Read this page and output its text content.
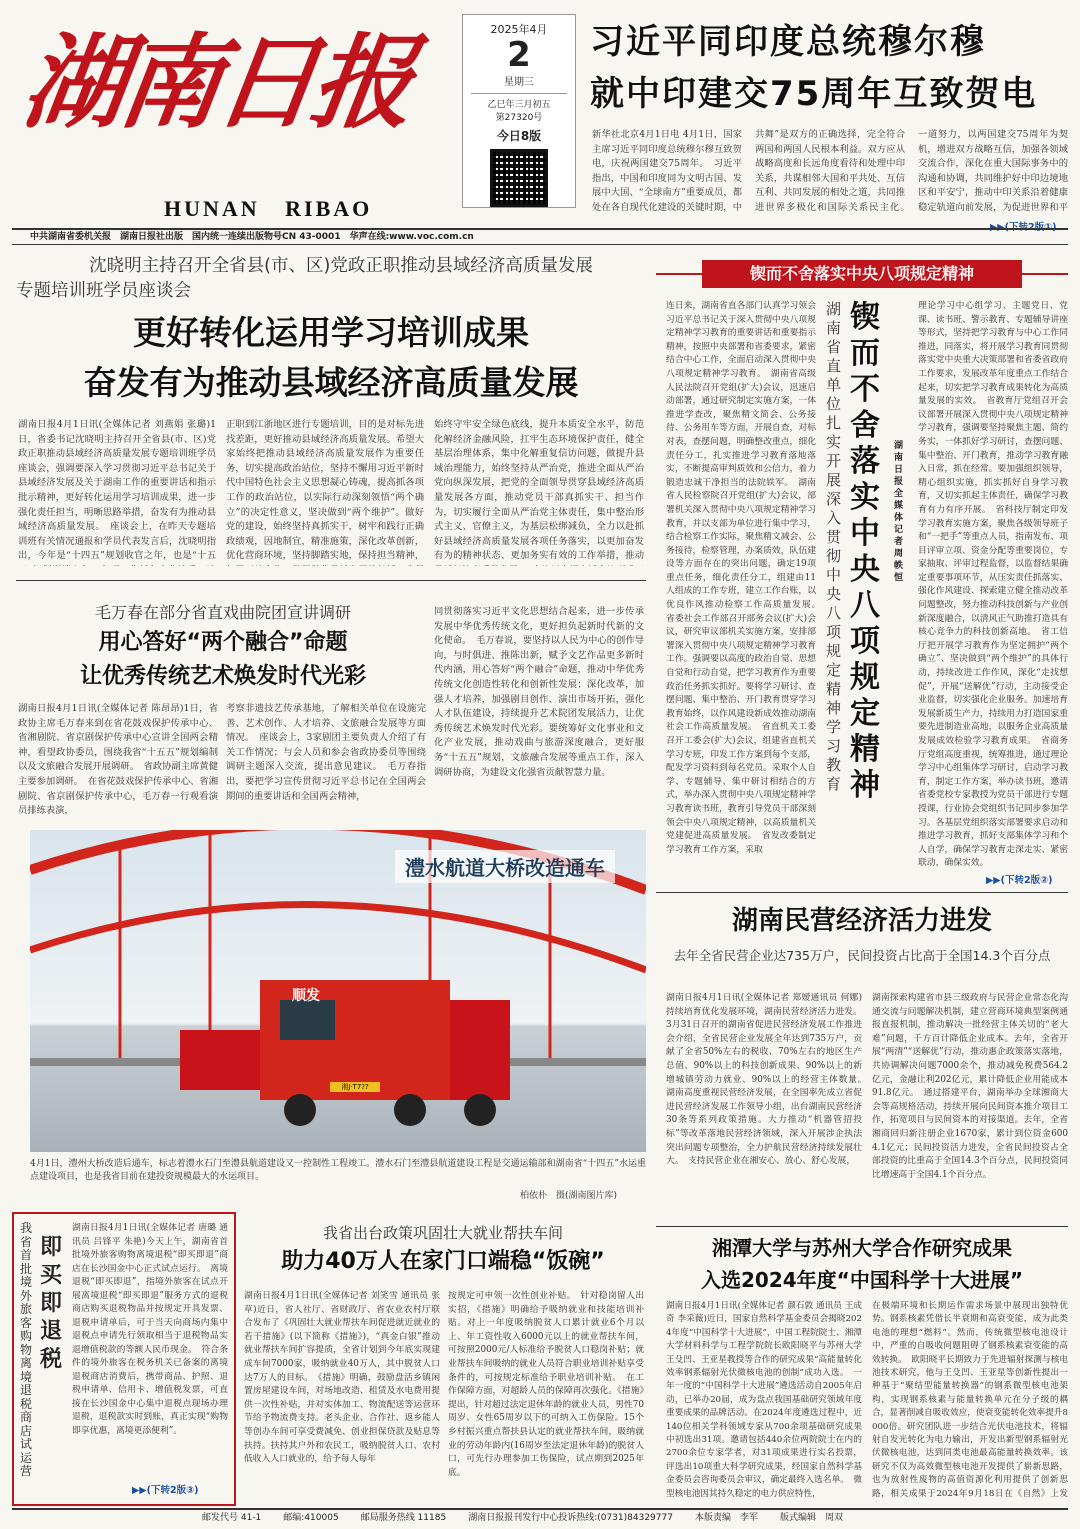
湖南日报
HUNAN   RIBAO
2025年4月
2
星期三
乙巳年三月初五
第27320号
今日8版
习近平同印度总统穆尔穆
就中印建交75周年互致贺电
新华社北京4月1日电 4月1日，国家主席习近平同印度总统穆尔穆互致贺电，庆祝两国建交75周年。　习近平指出，中国和印度同为文明古国、发展中大国、“全球南方”重要成员，都处在各自现代化建设的关键时期，中
共舞”是双方的正确选择，完全符合两国和两国人民根本利益。双方应从战略高度和长远角度看待和处理中印关系，共谋相邻大国和平共处、互信互利、共同发展的相处之道，共同推进世界多极化和国际关系民主化。　
一道努力，以两国建交75周年为契机，增进双方战略互信，加强各领域交流合作，深化在重大国际事务中的沟通和协调，共同维护好中印边境地区和平安宁，推动中印关系沿着健康稳定轨道向前发展，为促进世界和平
▶▶(下转2版①)
中共湖南省委机关报　湖南日报社出版　国内统一连续出版物号CN 43-0001　华声在线:www.voc.com.cn
沈晓明主持召开全省县(市、区)党政正职推动县域经济高质量发展
专题培训班学员座谈会
更好转化运用学习培训成果
奋发有为推动县域经济高质量发展
湖南日报4月1日讯(全媒体记者 刘燕娟 张璐)1日，省委书记沈晓明主持召开全省县(市、区)党政正职推动县域经济高质量发展专题培训班学员座谈会，强调要深入学习贯彻习近平总书记关于县域经济发展及关于湖南工作的重要讲话和指示批示精神，更好转化运用学习培训成果，进一步强化责任担当，明晰思路举措，奋发有为推动县域经济高质量发展。　座谈会上，在昨天专题培训班有关情况通报和学员代表发言后，沈晓明指出，今年是“十四五”规划收官之年，也是“十五
正职到江浙地区进行专题培训，目的是对标先进找差距，更好推动县域经济高质量发展。希望大家始终把推动县域经济高质量发展作为重要任务，切实提高政治站位，坚持不懈用习近平新时代中国特色社会主义思想凝心铸魂，提高抓各项工作的政治站位，以实际行动深刻领悟“两个确立”的决定性意义，坚决做到“两个维护”。做好党的建设，始终坚持真抓实干，树牢和践行正确政绩观，因地制宜，精准施策，深化改革创新，优化营商环境，坚持脚踏实地，保持担当精神，
始终守牢安全绿色底线，提升本质安全水平，防范化解经济金融风险，扛牢生态环境保护责任，健全基层治理体系，集中化解重复信访问题，做提升县域治理能力，始终坚持从严治党，推进全面从严治党向纵深发展，把党的全面领导贯穿县域经济高质量发展各方面，推动党员干部真抓实干、担当作为，切实履行全面从严治党主体责任，集中整治形式主义、官僚主义，为基层松绑减负，全力以赴抓好县域经济高质量发展各项任务落实，以更加奋发有为的精神状态、更加务实有效的工作举措，推动　
毛万春在部分省直戏曲院团宣讲调研
用心答好“两个融合”命题
让优秀传统艺术焕发时代光彩
湖南日报4月1日讯(全媒体记者 陈昂昂)1日，省政协主席毛万春来到在省花鼓戏保护传承中心、省湘剧院、省京剧保护传承中心宣讲全国两会精神，看望政协委员，围绕我省“十五五”规划编制以及文旅融合发展开展调研。　省政协副主席黄健主要参加调研。　在省花鼓戏保护传承中心、省湘剧院、省京剧保护传承中心，毛万春一行观看演员排练表演，
考察非遗技艺传承基地，了解相关单位在设施完善、艺术创作、人才培养、文旅融合发展等方面情况。　座谈会上，3家剧团主要负责人介绍了有关工作情况；与会人员和参会省政协委员等围绕调研主题深入交流，提出意见建议。　毛万春指出，要把学习宣传贯彻习近平总书记在全国两会期间的重要讲话和全国两会精神，
同贯彻落实习近平文化思想结合起来，进一步传承发展中华优秀传统文化，更好担负起新时代新的文化使命。　毛万春说，要坚持以人民为中心的创作导向，与时俱进、推陈出新，赋予文艺作品更多新时代内涵，用心答好“两个融合”命题，推动中华优秀传统文化创造性转化和创新性发展；深化改革，加强人才培养，加强剧目创作、演出市场开拓，强化人才队伍建设，持续提升艺术院团发展活力，让优秀传统艺术焕发时代光彩。要统筹好文化事业和文化产业发展，推动戏曲与旅游深度融合，更好服务“十五五”规划，文旅融合发展等重点工作，深入调研协商，为建设文化强省贡献智慧力量。
湘J·T7??
顺发
澧水航道大桥改造通车
4月1日，澧州大桥改造后通车，标志着澧水石门至澧县航道建设又一控制性工程竣工。澧水石门至澧县航道建设工程是交通运输部和湖南省“十四五”水运重点建设项目，也是我省目前在建投资规模最大的水运项目。
柏依朴　摄(湖南图片库)
我省首批境外旅客购物离境退税商店试运营
即买即退税
湖南日报4月1日讯(全媒体记者 唐璐 通讯员 吕锋平 朱艳)今天上午，湖南省首批境外旅客购物离境退税“即买即退”商店在长沙国金中心正式试点运行。　离境退税“即买即退”，指境外旅客在试点开展离境退税“即买即退”服务方式的退税商店购买退税物品并按规定开具发票、退税申请单后，可于当天向商场内集中退税点申请先行领取相当于退税物品实退增值税款的等额人民币现金。　符合条件的境外旅客在税务机关已备案的离境退税商店消费后，携带商品、护照、退税申请单、信用卡、增值税发票，可直接在长沙国金中心集中退税点现场办理退税，退税款实时到账，真正实现“购物即享优惠，离境更添便利”。
▶▶(下转2版③)
我省出台政策巩固壮大就业帮扶车间
助力40万人在家门口端稳“饭碗”
湖南日报4月1日讯(全媒体记者 刘笑雪 通讯员 张草)近日，省人社厅、省财政厅、省农业农村厅联合发布了《巩固壮大就业帮扶车间促进就近就业的若干措施》(以下简称《措施》)，“真金白银”推动就业帮扶车间扩容提质，全省计划到今年底实现建成车间7000家，吸纳就业40万人，其中脱贫人口达7万人的目标。　《措施》明确，鼓励盘活乡镇闲置房屋建设车间，对场地改造、租赁及水电费用提供一次性补贴，并对实体加工、物流配送等运营环节给予物流费支持。老头企业、合作社、返乡能人等创办车间可享受费减免、创业担保贷款及贴息等扶持。扶持其户外和农民工，吸纳脱贫人口、农村低收入人口就业的，给予每人每年
按规定可申领一次性创业补贴。　针对稳岗留人出实招，《措施》明确给予吸纳就业和技能培训补贴。对上一年度吸纳脱贫人口累计就业6个月以上、年工资性收入6000元以上的就业帮扶车间，可按照2000元/人标准给予脱贫人口稳岗补贴；就业帮扶车间吸纳的就业人员符合职业培训补贴享受条件的，可按规定标准给予职业培训补贴。　在工作保障方面，对超龄人员的保障再次强化。《措施》提出，针对超过法定退休年龄的就业人员，男性70周岁、女性65周岁以下的可纳入工伤保险。15个乡村振兴重点帮扶县认定的就业帮扶车间，吸纳就业的劳动年龄内(16周岁至法定退休年龄)的脱贫人口，可先行办理参加工伤保险，试点期到2025年底。
锲而不舍落实中央八项规定精神
连日来，湖南省直各部门认真学习领会习近平总书记关于深入贯彻中央八项规定精神学习教育的重要讲话和重要指示精神，按照中央部署和省委要求，紧密结合中心工作，全面启动深入贯彻中央八项规定精神学习教育。　湖南省高级人民法院召开党组(扩大)会议，迅速启动部署，通过研究制定实施方案，一体推进学查改，聚焦精文简会、公务接待、公务用车等方面，开展自查，对标对表，查摆问题，明确整改重点，细化责任分工，扎实推进学习教育落地落实，不断提高审判质效和公信力，着力锻造忠诚干净担当的法院铁军。　湖南省人民检察院召开党组(扩大)会议，部署机关深入贯彻中央八项规定精神学习教育，并以支部为单位进行集中学习，结合检察工作实际，聚焦精文减会、公务接待，检察管理，办案质效，队伍建设等方面存在的突出问题，确定19项重点任务，细化责任分工，组建由11人组成的工作专班，建立工作台账，以优良作风推动检察工作高质量发展。　省委社会工作部召开部务会议(扩大)会议，研究审议部机关实施方案，安排部署深入贯彻中央八项规定精神学习教育工作。强调要以高度的政治自觉、思想自觉和行动自觉，把学习教育作为重要政治任务抓实抓好。要将学习研讨、查摆问题、集中整治、开门教育贯穿学习教育始终，以作风建设新成效推动湖南社会工作高质量发展。　省直机关工委召开工委会(扩大)会议，组建省直机关学习专班，印发工作方案到每个支部，配发学习资料到每名党员。采取个人自学、专题辅导、集中研讨相结合的方式，举办深入贯彻中央八项规定精神学习教育读书班，教育引导党员干部深刻领会中央八项规定精神，以高质量机关党建促进高质量发展。　省发改委制定学习教育工作方案，采取
湖南省直单位扎实开展深入贯彻中央八项规定精神学习教育
锲而不舍落实中央八项规定精神
湖南日报全媒体记者　周帙恒
理论学习中心组学习、主题党日、党课、读书班、警示教育、专题辅导讲座等形式，坚持把学习教育与中心工作同推进，同落实，将开展学习教育同贯彻落实党中央重大决策部署和省委省政府工作要求，发展改革年度重点工作结合起来，切实把学习教育成果转化为高质量发展的实效。　省教育厅党组召开会议部署开展深入贯彻中央八项规定精神学习教育，强调要坚持聚焦主题、简约务实，一体抓好学习研讨，查摆问题、集中整治、开门教育，推动学习教育融入日常，抓在经常。要加强组织领导，精心组织实施，抓实抓好自身学习教育，又切实抓起主体责任，确保学习教育有力有序开展。　省科技厅制定印发学习教育实施方案，聚焦各级领导班子和“一把手”等重点人员，指南发布、项目评审立项、资金分配等重要岗位，专家抽取、评审过程监督，以监督结果确定重要事项环节，从压实责任抓落实、强化作风建设、探索建立健全推动改革问题整改，努力推动科技创新与产业创新深度融合，以清风正气助推打造具有核心竞争力的科技创新高地。　省工信厅把开展学习教育作为坚定拥护“两个确立”、坚决做到“两个维护”的具体行动，持续改进工作作风，深化“走找想促”，开展“送解优”行动，主动接受企业监督，切实强化企业服务。加速培育发展新质生产力，持续用力打造国家重要先进制造业高地，以服务企业高质量发展成效检验学习教育成果。　省商务厅党组高度重视，统筹推进，通过理论学习中心组集体学习研讨，启动学习教育，制定工作方案，举办读书班，邀请省委党校专家教授为党员干部进行专题授课，行业协会党组织书记同步参加学习。各基层党组织落实部署要求启动和推进学习教育，抓好支部集体学习和个人自学，确保学习教育走深走实、紧密联动，确保实效。
▶▶(下转2版②)
湖南民营经济活力进发
去年全省民营企业达735万户，民间投资占比高于全国14.3个百分点
湖南日报4月1日讯(全媒体记者 郑嫒通讯员 何娜)持续培育优化发展环境，湖南民营经济活力进发。3月31日召开的湖南省促进民营经济发展工作推进会介绍，全省民营企业发展全年达到735万户，贡献了全省50%左右的税收、70%左右的地区生产总值、90%以上的科技创新成果、90%以上的新增城镇劳动力就业、90%以上的经营主体数量。　湖南高度重视民营经济发展，在全国率先成立省促进民营经济发展工作领导小组，出台湖南民营经济30条等系列政策措施。大力推动“机器管招投标”等改革落地民营经济领域，深入开展涉企执法突出问题专项整治，全力护航民营经济持续发展壮大。　支持民营企业在湘安心、放心、舒心发展，
湖南探索构建省市县三级政府与民营企业常态化沟通交流与问题解决机制，建立营商环境典型案例通报直报机制，推动解决一批经营主体关切的“老大难”问题，千方百计降低企业成本。去年，全省开展“两清”“送解优”行动，推动惠企政策落实落地，共协调解决问题7000余个，推动减免税费564.2亿元，金融让利202亿元，累计降低企业用能成本91.8亿元。　通过搭建平台，湖南举办全球湘商大会等高规格活动，持续开展向民间资本推介项目工作，拓宽项目与民间资本的对接渠道。去年，全省湘商回归新注册企业1670家，累计到位资金6004.1亿元；民间投资活力进发，全省民间投资占全部投资的比重高于全国14.3个百分点，民间投资同比增速高于全国4.1个百分点。
湘潭大学与苏州大学合作研究成果
入选2024年度“中国科学十大进展”
湖南日报4月1日讯(全媒体记者 颜石敦 通讯员 王成奇 李采薇)近日，国家自然科学基金委员会揭晓2024年度“中国科学十大进展”，中国工程院院士、湘潭大学材料科学与工程学院院长欧阳晓平与苏州大学王殳凹、王亚星教授等合作的研究成果“高能量转化效率钢系辐射光伏微核电池的创制”成功入选。　一年一度的“中国科学十大进展”遴选活动自2005年启动，已举办20届，成为盘点我国基础研究领域年度重要成果的品牌活动。在2024年度遴选过程中，近140位相关学科领域专家从700余项基础研究成果中初选出31项。邀请包括440余位两院院士在内的2700余位专家学者，对31项成果进行实名投票，评选出10项重大科学研究成果，经国家自然科学基金委员会咨询委员会审议，确定最终入选名单。　微型核电池因其持久稳定的电力供应特性，
在极端环境和长期运作需求场景中展现出独特优势。钢系核素凭借长半衰期和高衰变能，成为此类电池的理想“燃料”。然而，传统微型核电池设计中，严重的自吸收问题阻碍了钢系核素衰变能的高效转换。　欧阳晓平长期致力于先进辐射探测与核电池技术研究，他与王殳凹、王亚星等创新性提出一种基于“聚结型能量转换器”的钢系微型核电池架构，实现钢系核素与能量转换单元在分子级的耦合，显著削减自吸收效应，使衰变能转化效率提升8000倍。研究团队进一步结合光伏电池技术，将辐射自发光转化为电力输出，开发出新型钢系辐射光伏微核电池，达到同类电池最高能量转换效率。该研究不仅为高效微型核电池开发提供了崭新思路，也为放射性废物的高值资源化利用提供了创新思路，相关成果于2024年9月18日在《自然》上发
邮发代号 41-1 邮编:410005 邮局服务热线 11185 湖南日报报刊发行中心投诉热线:(0731)84329777 本版责编　李军 版式编辑　周双
